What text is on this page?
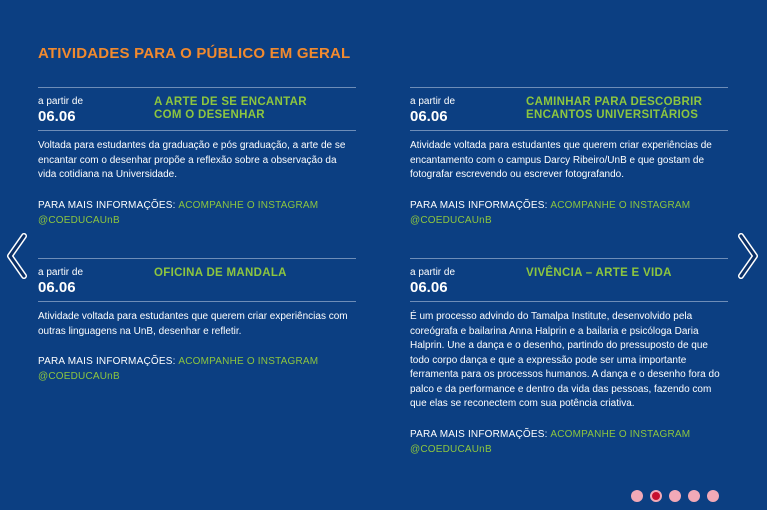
ATIVIDADES PARA O PÚBLICO EM GERAL
a partir de
06.06
A ARTE DE SE ENCANTAR
COM O DESENHAR
Voltada para estudantes da graduação e pós graduação, a arte de se encantar com o desenhar propõe a reflexão sobre a observação da vida cotidiana na Universidade.
PARA MAIS INFORMAÇÕES: ACOMPANHE O INSTAGRAM
@COEDUCAUnB
a partir de
06.06
CAMINHAR PARA DESCOBRIR
ENCANTOS UNIVERSITÁRIOS
Atividade voltada para estudantes que querem criar experiências de encantamento com o campus Darcy Ribeiro/UnB e que gostam de fotografar escrevendo ou escrever fotografando.
PARA MAIS INFORMAÇÕES: ACOMPANHE O INSTAGRAM
@COEDUCAUnB
a partir de
06.06
OFICINA DE MANDALA
Atividade voltada para estudantes que querem criar experiências com outras linguagens na UnB, desenhar e refletir.
PARA MAIS INFORMAÇÕES: ACOMPANHE O INSTAGRAM
@COEDUCAUnB
a partir de
06.06
VIVÊNCIA – ARTE E VIDA
É um processo advindo do Tamalpa Institute, desenvolvido pela coreógrafa e bailarina Anna Halprin e a bailaria e psicóloga Daria Halprin. Une a dança e o desenho, partindo do pressuposto de que todo corpo dança e que a expressão pode ser uma importante ferramenta para os processos humanos. A dança e o desenho fora do palco e da performance e dentro da vida das pessoas, fazendo com que elas se reconectem com sua potência criativa.
PARA MAIS INFORMAÇÕES: ACOMPANHE O INSTAGRAM
@COEDUCAUnB
